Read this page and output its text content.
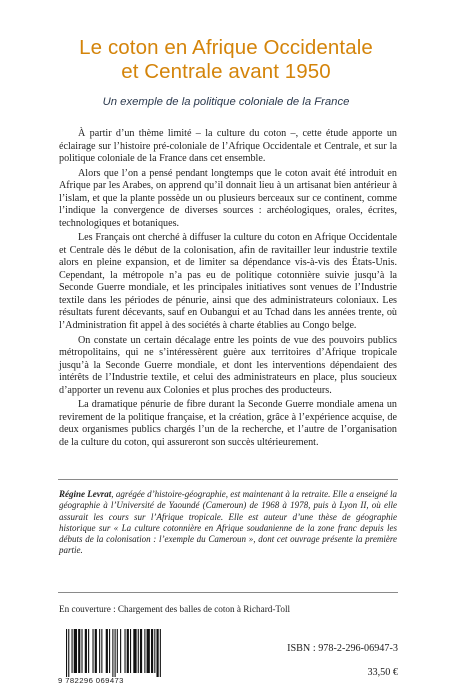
Le coton en Afrique Occidentale
et Centrale avant 1950
Un exemple de la politique coloniale de la France

À partir d’un thème limité – la culture du coton –, cette étude apporte un éclairage sur l’histoire pré-coloniale de l’Afrique Occidentale et Centrale, et sur la politique coloniale de la France dans cet ensemble.

Alors que l’on a pensé pendant longtemps que le coton avait été introduit en Afrique par les Arabes, on apprend qu’il donnait lieu à un artisanat bien antérieur à l’islam, et que la plante possède un ou plusieurs berceaux sur ce continent, comme l’indique la convergence de diverses sources : archéologiques, orales, écrites, technologiques et botaniques.

Les Français ont cherché à diffuser la culture du coton en Afrique Occidentale et Centrale dès le début de la colonisation, afin de ravitailler leur industrie textile alors en pleine expansion, et de limiter sa dépendance vis-à-vis des États-Unis. Cependant, la métropole n’a pas eu de politique cotonnière suivie jusqu’à la Seconde Guerre mondiale, et les principales initiatives sont venues de l’Industrie textile dans les périodes de pénurie, ainsi que des administrateurs coloniaux. Les résultats furent décevants, sauf en Oubangui et au Tchad dans les années trente, où l’Administration fit appel à des sociétés à charte établies au Congo belge.

On constate un certain décalage entre les points de vue des pouvoirs publics métropolitains, qui ne s’intéressèrent guère aux territoires d’Afrique tropicale jusqu’à la Seconde Guerre mondiale, et dont les interventions dépendaient des intérêts de l’Industrie textile, et celui des administrateurs en place, plus soucieux d’apporter un revenu aux Colonies et plus proches des producteurs.

La dramatique pénurie de fibre durant la Seconde Guerre mondiale amena un revirement de la politique française, et la création, grâce à l’expérience acquise, de deux organismes publics chargés l’un de la recherche, et l’autre de l’organisation de la culture du coton, qui assureront son succès ultérieurement.

Régine Levrat, agrégée d’histoire-géographie, est maintenant à la retraite. Elle a enseigné la géographie à l’Université de Yaoundé (Cameroun) de 1968 à 1978, puis à Lyon II, où elle assurait les cours sur l’Afrique tropicale. Elle est auteur d’une thèse de géographie historique sur « La culture cotonnière en Afrique soudanienne de la zone franc depuis les débuts de la colonisation : l’exemple du Cameroun », dont cet ouvrage présente la première partie.
En couverture : Chargement des balles de coton à Richard-Toll
9 782296 069473
ISBN : 978-2-296-06947-3
33,50 €
